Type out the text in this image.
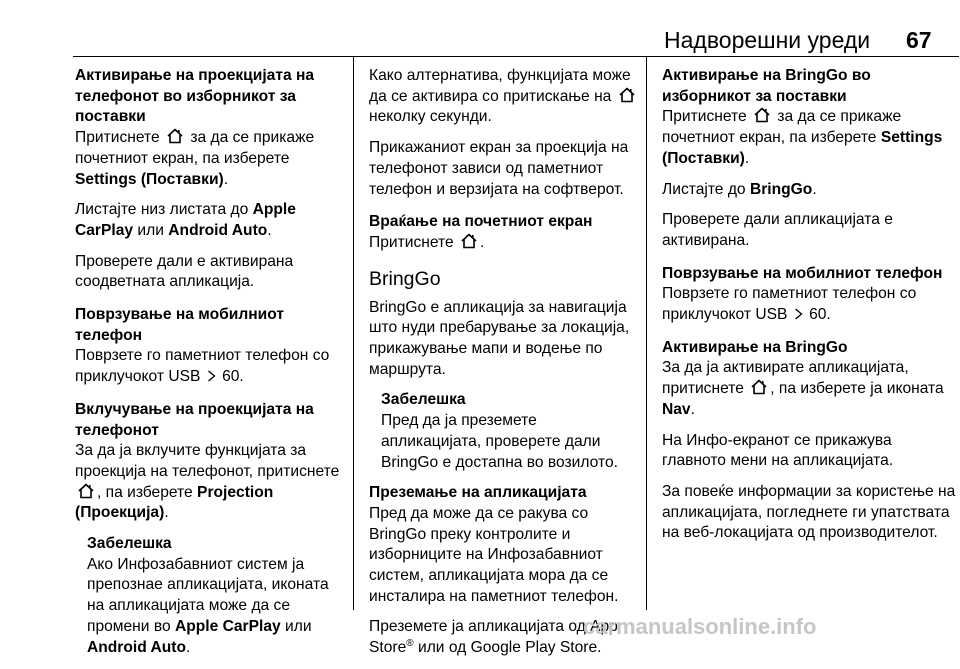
Надворешни уреди 67

Активирање на проекцијата на телефонот во изборникот за поставки

Притиснете за да се прикаже почетниот екран, па изберете Settings (Поставки).

Листајте низ листата до Apple CarPlay или Android Auto.

Проверете дали е активирана соодветната апликација.

Поврзување на мобилниот телефон

Поврзете го паметниот телефон со приклучокот USB 60.

Вклучување на проекцијата на телефонот

За да ја вклучите функцијата за проекција на телефонот, притиснете
, па изберете Projection (Проекција).

Забелешка
Ако Инфозабавниот систем ја препознае апликацијата, иконата на апликацијата може да се промени во Apple CarPlay или Android Auto.

Како алтернатива, функцијата може да се активира со притискање на
неколку секунди.

Прикажаниот екран за проекција на телефонот зависи од паметниот телефон и верзијата на софтверот.

Враќање на почетниот екран

Притиснете .

BringGo

BringGo е апликација за навигација што нуди пребарување за локација, прикажување мапи и водење по маршрута.

Забелешка
Пред да ја преземете апликацијата, проверете дали BringGo е достапна во возилото.

Преземање на апликацијата

Пред да може да се ракува со BringGo преку контролите и изборниците на Инфозабавниот систем, апликацијата мора да се инсталира на паметниот телефон.

Преземете ја апликацијата од App Store® или од Google Play Store.

Активирање на BringGo во изборникот за поставки

Притиснете за да се прикаже почетниот екран, па изберете Settings (Поставки).

Листајте до BringGo.

Проверете дали апликацијата е активирана.

Поврзување на мобилниот телефон

Поврзете го паметниот телефон со приклучокот USB 60.

Активирање на BringGo

За да ја активирате апликацијата, притиснете , па изберете ја иконата Nav.

На Инфо-екранот се прикажува главното мени на апликацијата.

За повеќе информации за користење на апликацијата, погледнете ги упатствата на веб-локацијата од производителот.

carmanualsonline.info
